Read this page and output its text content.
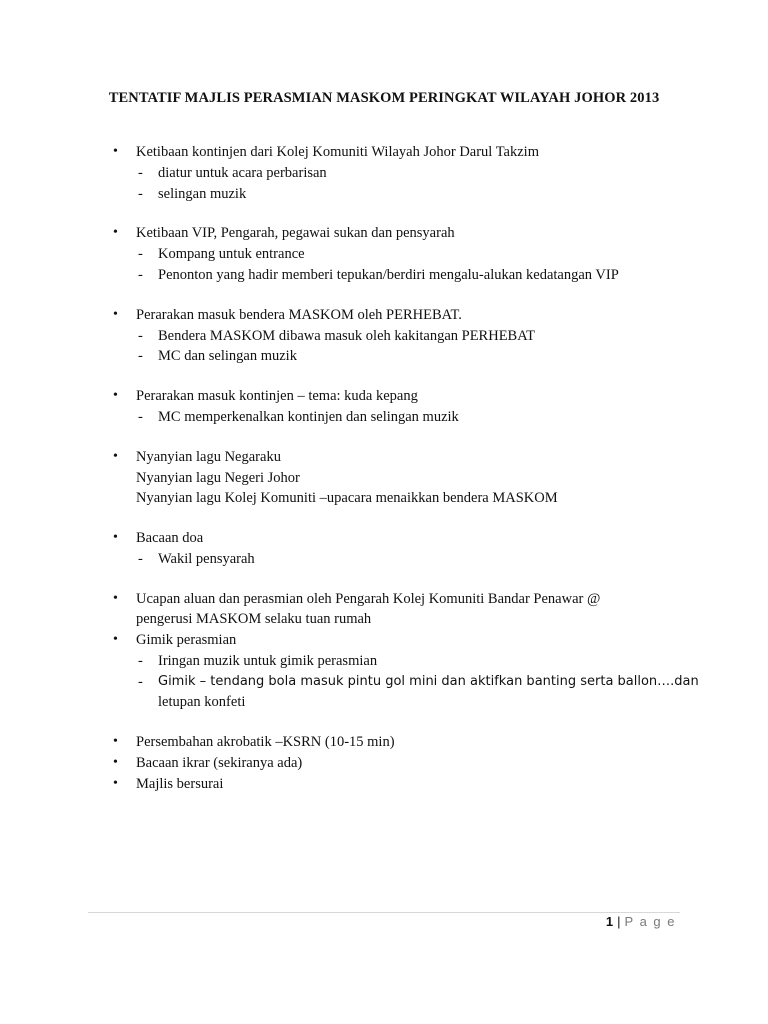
TENTATIF MAJLIS PERASMIAN MASKOM PERINGKAT WILAYAH JOHOR 2013
•
Ketibaan kontinjen dari Kolej Komuniti Wilayah Johor Darul Takzim
- diatur untuk acara perbarisan
- selingan muzik
•
Ketibaan VIP, Pengarah, pegawai sukan dan pensyarah
- Kompang untuk entrance
- Penonton yang hadir memberi tepukan/berdiri mengalu-alukan kedatangan VIP
•
Perarakan masuk bendera MASKOM oleh PERHEBAT.
- Bendera MASKOM dibawa masuk oleh kakitangan PERHEBAT
- MC dan selingan muzik
•
Perarakan masuk kontinjen – tema: kuda kepang
- MC memperkenalkan kontinjen dan selingan muzik
•
Nyanyian lagu Negaraku
Nyanyian lagu Negeri Johor
Nyanyian lagu Kolej Komuniti –upacara menaikkan bendera MASKOM
•
Bacaan doa
- Wakil pensyarah
•
Ucapan aluan dan perasmian oleh Pengarah Kolej Komuniti Bandar Penawar @
pengerusi MASKOM selaku tuan rumah
•
Gimik perasmian
- Iringan muzik untuk gimik perasmian
- Gimik – tendang bola masuk pintu gol mini dan aktifkan banting serta ballon….dan
letupan konfeti
•
Persembahan akrobatik –KSRN (10-15 min)
•
Bacaan ikrar (sekiranya ada)
•
Majlis bersurai
1 | P a g e
